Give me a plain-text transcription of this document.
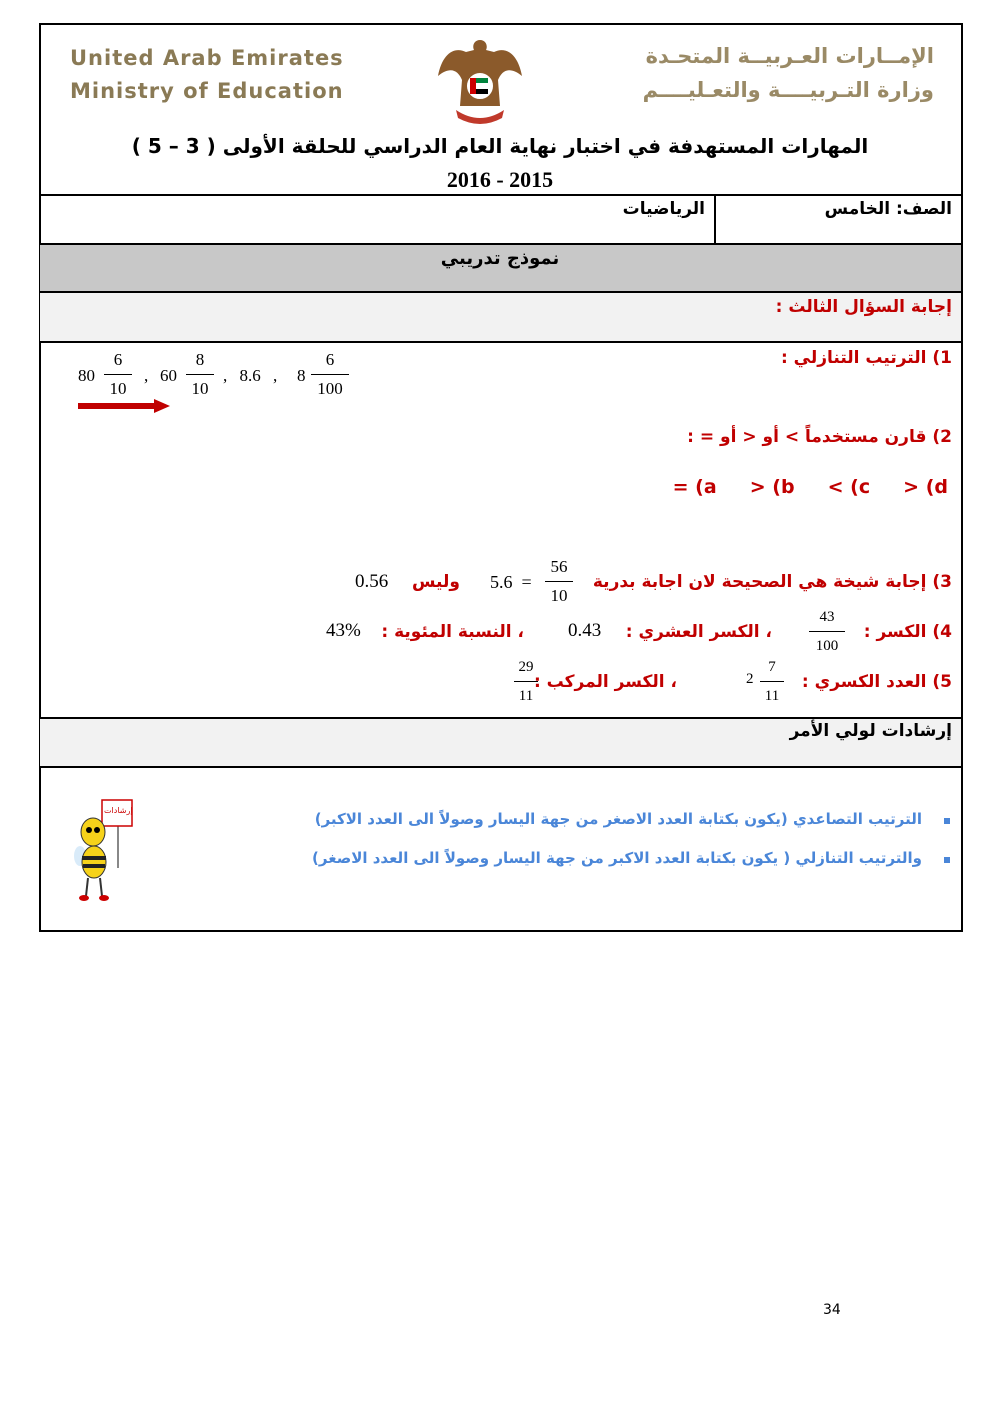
United Arab Emirates
Ministry of Education
الإمــارات العـربيــة المتحـدة
وزارة التـربيــــة والتعـليــــم
المهارات المستهدفة في اختبار نهاية العام الدراسي للحلقة الأولى ( 3 – 5 )
2016 - 2015
الصف: الخامس
الرياضيات
نموذج تدريبي
إجابة السؤال الثالث :
1) الترتيب التنازلي :
80
6
10
, 60
8
10
, 8.6 , 8
6
100
2) قارن مستخدماً > أو < أو = :
= (a     > (b     < (c     > (d
3) إجابة شيخة هي الصحيحة لان اجابة بدرية
56
10
=  5.6
وليس
0.56
4) الكسر :
43
100
، الكسر العشري :
0.43
، النسبة المئوية :
43%
5) العدد الكسري :
2
7
11
، الكسر المركب :
29
11
إرشادات لولي الأمر
الترتيب التصاعدي (يكون بكتابة العدد الاصغر من جهة اليسار وصولاً الى العدد الاكبر)
والترتيب التنازلي ( يكون بكتابة العدد الاكبر من جهة اليسار وصولاً الى العدد الاصغر)
إرشادات
34
